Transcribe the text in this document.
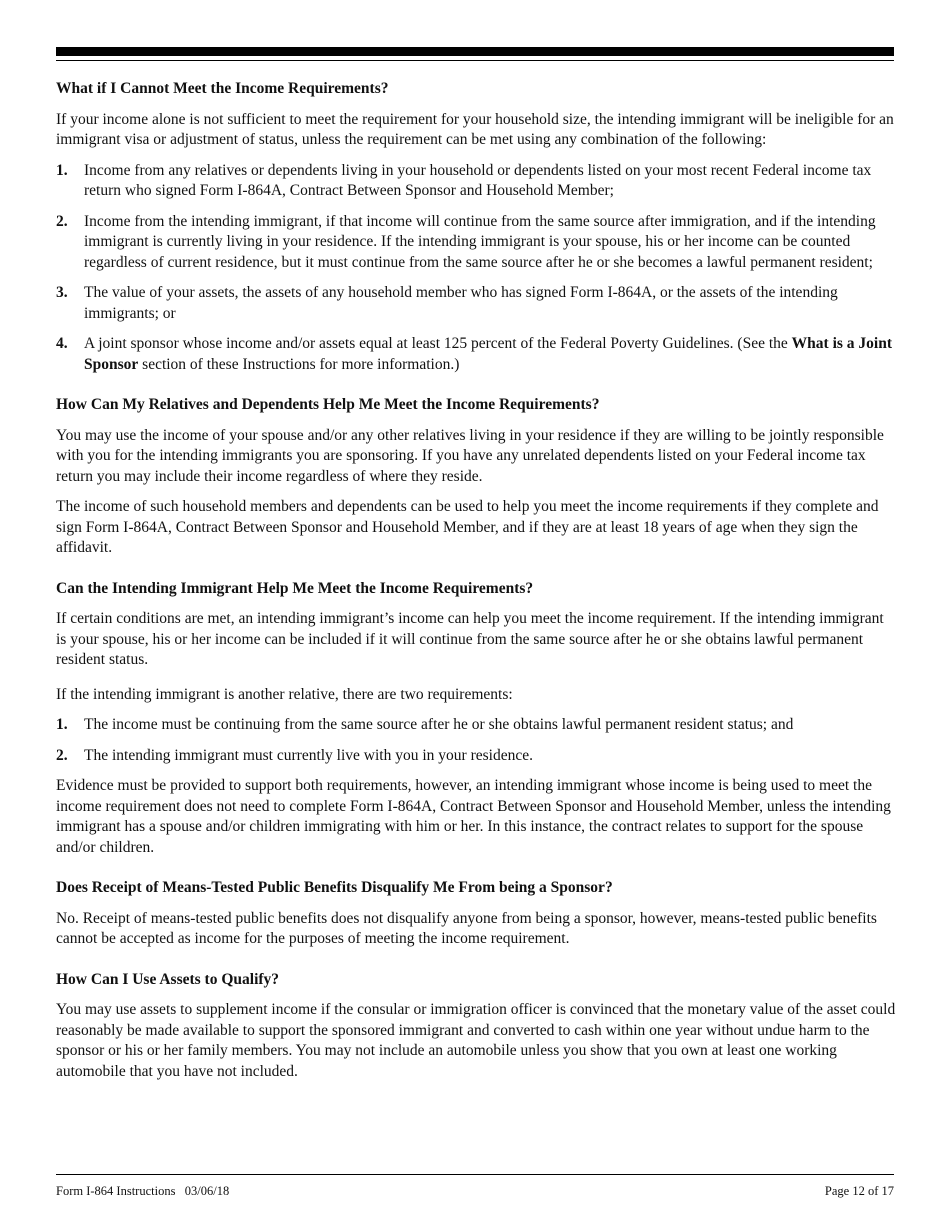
What if I Cannot Meet the Income Requirements?

If your income alone is not sufficient to meet the requirement for your household size, the intending immigrant will be ineligible for an immigrant visa or adjustment of status, unless the requirement can be met using any combination of the following:

1. Income from any relatives or dependents living in your household or dependents listed on your most recent Federal income tax return who signed Form I-864A, Contract Between Sponsor and Household Member;
2. Income from the intending immigrant, if that income will continue from the same source after immigration, and if the intending immigrant is currently living in your residence. If the intending immigrant is your spouse, his or her income can be counted regardless of current residence, but it must continue from the same source after he or she becomes a lawful permanent resident;
3. The value of your assets, the assets of any household member who has signed Form I-864A, or the assets of the intending immigrants; or
4. A joint sponsor whose income and/or assets equal at least 125 percent of the Federal Poverty Guidelines. (See the What is a Joint Sponsor section of these Instructions for more information.)
How Can My Relatives and Dependents Help Me Meet the Income Requirements?

You may use the income of your spouse and/or any other relatives living in your residence if they are willing to be jointly responsible with you for the intending immigrants you are sponsoring. If you have any unrelated dependents listed on your Federal income tax return you may include their income regardless of where they reside.

The income of such household members and dependents can be used to help you meet the income requirements if they complete and sign Form I-864A, Contract Between Sponsor and Household Member, and if they are at least 18 years of age when they sign the affidavit.

Can the Intending Immigrant Help Me Meet the Income Requirements?

If certain conditions are met, an intending immigrant’s income can help you meet the income requirement. If the intending immigrant is your spouse, his or her income can be included if it will continue from the same source after he or she obtains lawful permanent resident status.

If the intending immigrant is another relative, there are two requirements:

1. The income must be continuing from the same source after he or she obtains lawful permanent resident status; and
2. The intending immigrant must currently live with you in your residence.

Evidence must be provided to support both requirements, however, an intending immigrant whose income is being used to meet the income requirement does not need to complete Form I-864A, Contract Between Sponsor and Household Member, unless the intending immigrant has a spouse and/or children immigrating with him or her. In this instance, the contract relates to support for the spouse and/or children.

Does Receipt of Means-Tested Public Benefits Disqualify Me From being a Sponsor?

No. Receipt of means-tested public benefits does not disqualify anyone from being a sponsor, however, means-tested public benefits cannot be accepted as income for the purposes of meeting the income requirement.

How Can I Use Assets to Qualify?

You may use assets to supplement income if the consular or immigration officer is convinced that the monetary value of the asset could reasonably be made available to support the sponsored immigrant and converted to cash within one year without undue harm to the sponsor or his or her family members. You may not include an automobile unless you show that you own at least one working automobile that you have not included.

Form I-864 Instructions   03/06/18	Page 12 of 17
